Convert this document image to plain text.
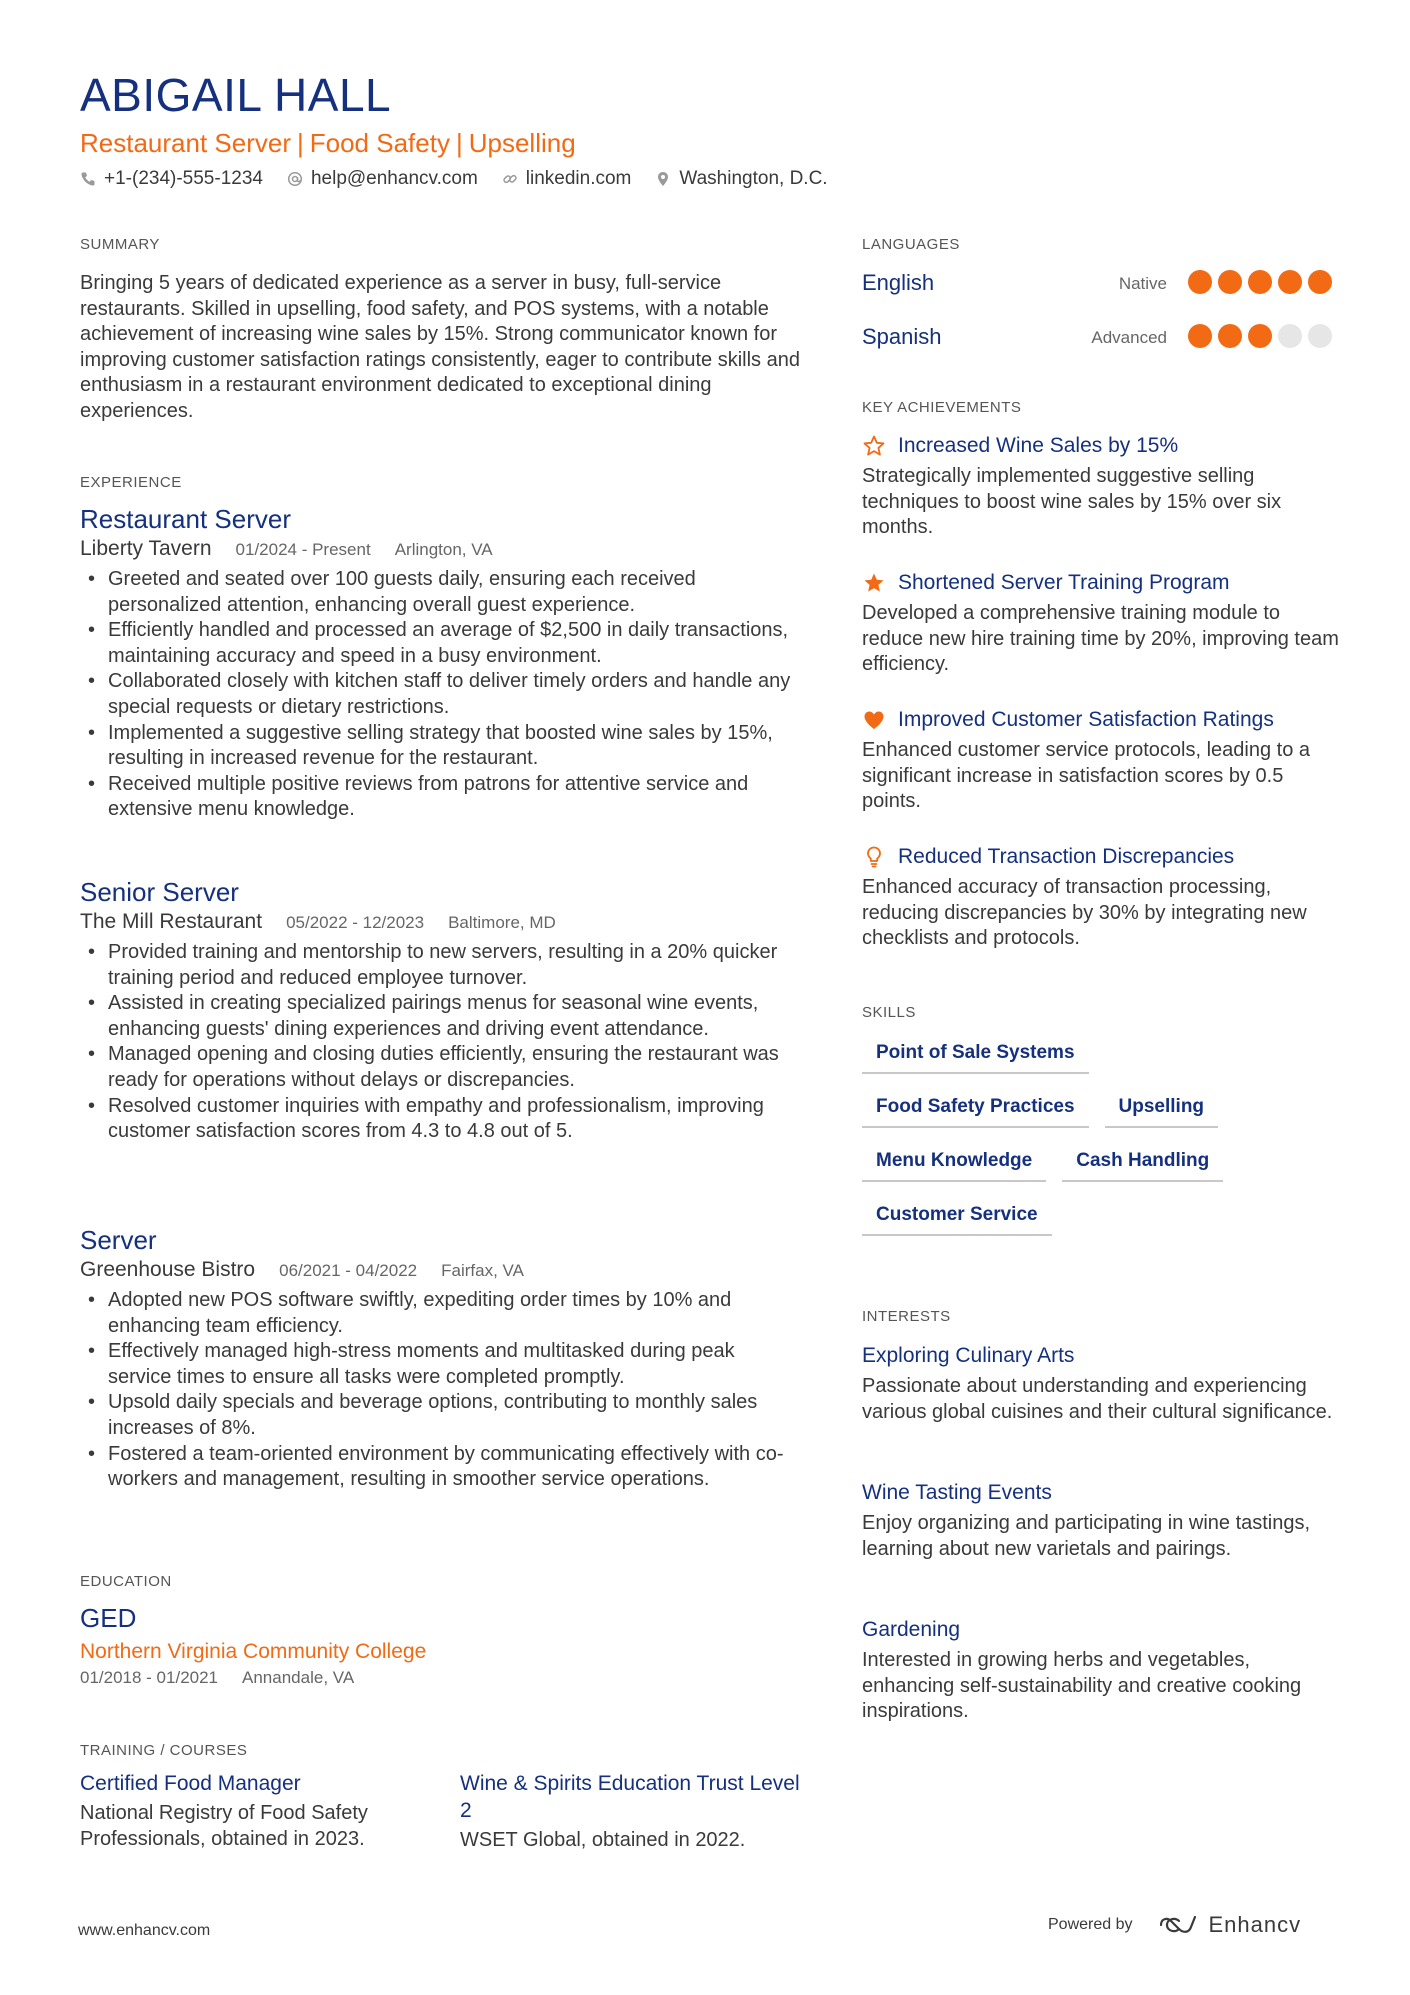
ABIGAIL HALL
Restaurant Server | Food Safety | Upselling
+1-(234)-555-1234	help@enhancv.com	linkedin.com	Washington, D.C.
SUMMARY
Bringing 5 years of dedicated experience as a server in busy, full-service restaurants. Skilled in upselling, food safety, and POS systems, with a notable achievement of increasing wine sales by 15%. Strong communicator known for improving customer satisfaction ratings consistently, eager to contribute skills and enthusiasm in a restaurant environment dedicated to exceptional dining experiences.
EXPERIENCE
Restaurant Server
Liberty Tavern 01/2024 - Present Arlington, VA
• Greeted and seated over 100 guests daily, ensuring each received personalized attention, enhancing overall guest experience.
• Efficiently handled and processed an average of $2,500 in daily transactions, maintaining accuracy and speed in a busy environment.
• Collaborated closely with kitchen staff to deliver timely orders and handle any special requests or dietary restrictions.
• Implemented a suggestive selling strategy that boosted wine sales by 15%, resulting in increased revenue for the restaurant.
• Received multiple positive reviews from patrons for attentive service and extensive menu knowledge.
Senior Server
The Mill Restaurant 05/2022 - 12/2023 Baltimore, MD
• Provided training and mentorship to new servers, resulting in a 20% quicker training period and reduced employee turnover.
• Assisted in creating specialized pairings menus for seasonal wine events, enhancing guests' dining experiences and driving event attendance.
• Managed opening and closing duties efficiently, ensuring the restaurant was ready for operations without delays or discrepancies.
• Resolved customer inquiries with empathy and professionalism, improving customer satisfaction scores from 4.3 to 4.8 out of 5.
Server
Greenhouse Bistro 06/2021 - 04/2022 Fairfax, VA
• Adopted new POS software swiftly, expediting order times by 10% and enhancing team efficiency.
• Effectively managed high-stress moments and multitasked during peak service times to ensure all tasks were completed promptly.
• Upsold daily specials and beverage options, contributing to monthly sales increases of 8%.
• Fostered a team-oriented environment by communicating effectively with co-workers and management, resulting in smoother service operations.
EDUCATION
GED
Northern Virginia Community College
01/2018 - 01/2021 Annandale, VA
TRAINING / COURSES
Certified Food Manager
National Registry of Food Safety Professionals, obtained in 2023.
Wine & Spirits Education Trust Level 2
WSET Global, obtained in 2022.
LANGUAGES
English	Native
Spanish	Advanced
KEY ACHIEVEMENTS
Increased Wine Sales by 15%
Strategically implemented suggestive selling techniques to boost wine sales by 15% over six months.
Shortened Server Training Program
Developed a comprehensive training module to reduce new hire training time by 20%, improving team efficiency.
Improved Customer Satisfaction Ratings
Enhanced customer service protocols, leading to a significant increase in satisfaction scores by 0.5 points.
Reduced Transaction Discrepancies
Enhanced accuracy of transaction processing, reducing discrepancies by 30% by integrating new checklists and protocols.
SKILLS
Point of Sale Systems
Food Safety Practices	Upselling
Menu Knowledge	Cash Handling
Customer Service
INTERESTS
Exploring Culinary Arts
Passionate about understanding and experiencing various global cuisines and their cultural significance.
Wine Tasting Events
Enjoy organizing and participating in wine tastings, learning about new varietals and pairings.
Gardening
Interested in growing herbs and vegetables, enhancing self-sustainability and creative cooking inspirations.
www.enhancv.com	Powered by	Enhancv
